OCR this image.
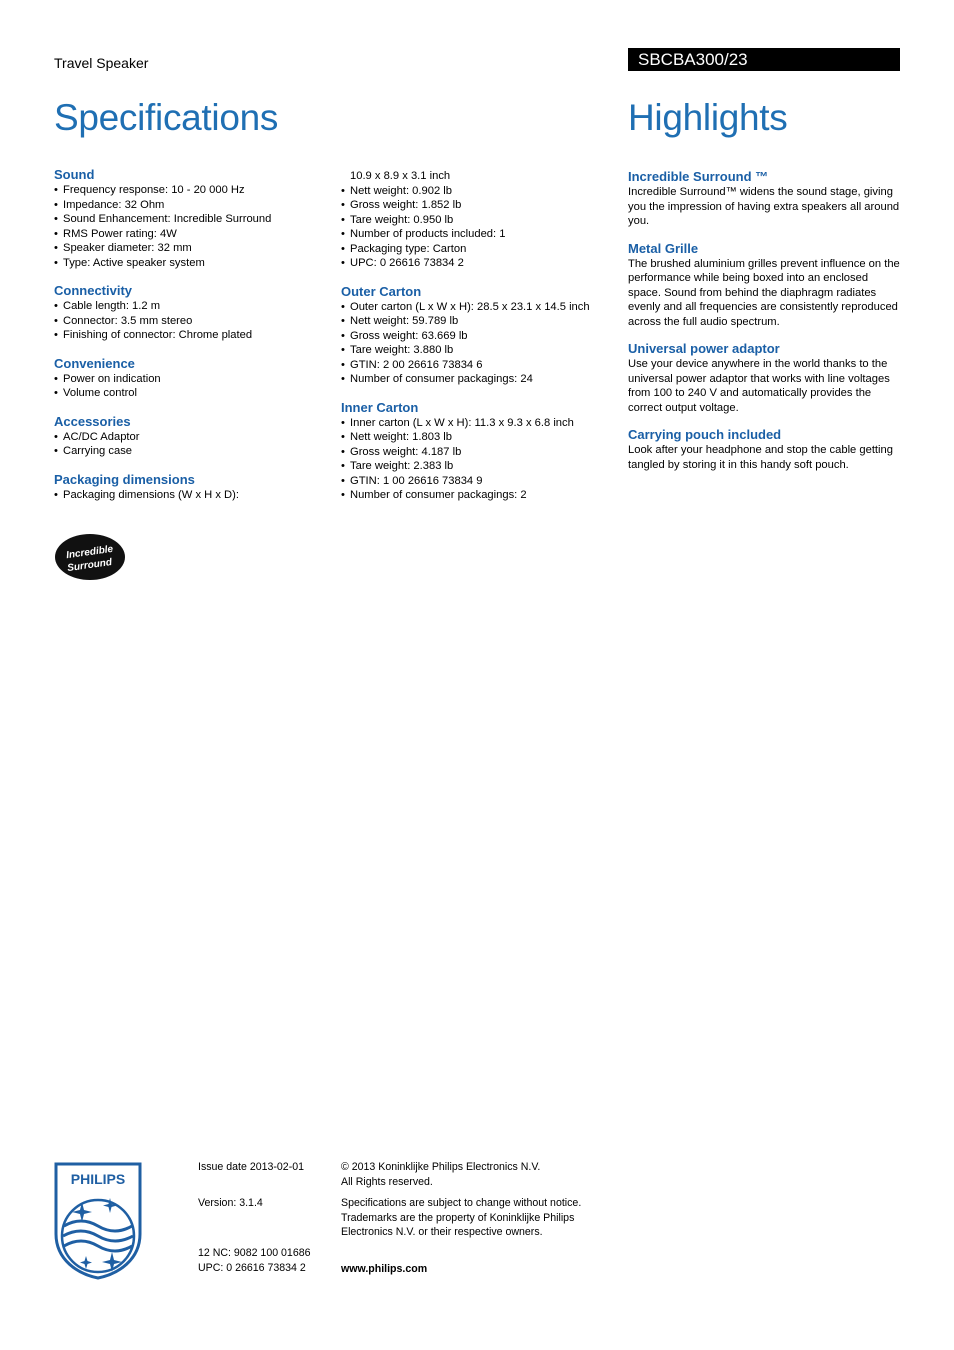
Travel Speaker	SBCBA300/23
Specifications	Highlights
Sound
• Frequency response: 10 - 20 000 Hz
• Impedance: 32 Ohm
• Sound Enhancement: Incredible Surround
• RMS Power rating: 4W
• Speaker diameter: 32 mm
• Type: Active speaker system
Connectivity
• Cable length: 1.2 m
• Connector: 3.5 mm stereo
• Finishing of connector: Chrome plated
Convenience
• Power on indication
• Volume control
Accessories
• AC/DC Adaptor
• Carrying case
Packaging dimensions
• Packaging dimensions (W x H x D):
10.9 x 8.9 x 3.1 inch
• Nett weight: 0.902 lb
• Gross weight: 1.852 lb
• Tare weight: 0.950 lb
• Number of products included: 1
• Packaging type: Carton
• UPC: 0 26616 73834 2
Outer Carton
• Outer carton (L x W x H): 28.5 x 23.1 x 14.5 inch
• Nett weight: 59.789 lb
• Gross weight: 63.669 lb
• Tare weight: 3.880 lb
• GTIN: 2 00 26616 73834 6
• Number of consumer packagings: 24
Inner Carton
• Inner carton (L x W x H): 11.3 x 9.3 x 6.8 inch
• Nett weight: 1.803 lb
• Gross weight: 4.187 lb
• Tare weight: 2.383 lb
• GTIN: 1 00 26616 73834 9
• Number of consumer packagings: 2
Incredible Surround ™

Incredible Surround™ widens the sound stage, giving you the impression of having extra speakers all around you.

Metal Grille

The brushed aluminium grilles prevent influence on the performance while being boxed into an enclosed space. Sound from behind the diaphragm radiates evenly and all frequencies are consistently reproduced across the full audio spectrum.

Universal power adaptor

Use your device anywhere in the world thanks to the universal power adaptor that works with line voltages from 100 to 240 V and automatically provides the correct output voltage.

Carrying pouch included

Look after your headphone and stop the cable getting tangled by storing it in this handy soft pouch.

Incredible
Surround
PHILIPS
Issue date 2013-02-01
Version: 3.1.4
12 NC: 9082 100 01686
UPC: 0 26616 73834 2
© 2013 Koninklijke Philips Electronics N.V.
All Rights reserved.
Specifications are subject to change without notice.
Trademarks are the property of Koninklijke Philips
Electronics N.V. or their respective owners.
www.philips.com
